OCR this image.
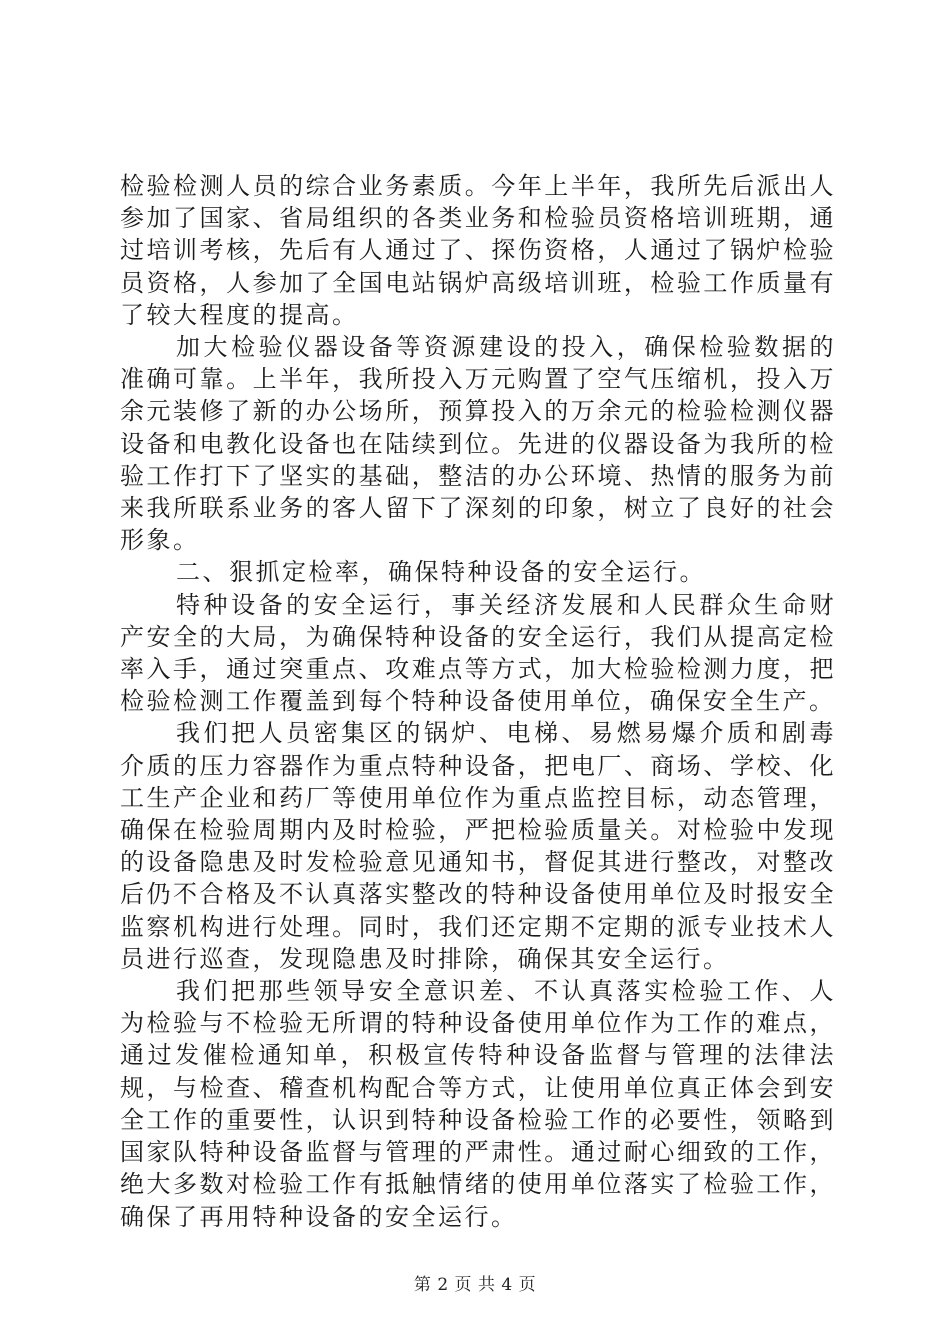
检验检测人员的综合业务素质。今年上半年，我所先后派出人参加了国家、省局组织的各类业务和检验员资格培训班期，通过培训考核，先后有人通过了、探伤资格，人通过了锅炉检验员资格，人参加了全国电站锅炉高级培训班，检验工作质量有了较大程度的提高。

加大检验仪器设备等资源建设的投入，确保检验数据的准确可靠。上半年，我所投入万元购置了空气压缩机，投入万余元装修了新的办公场所，预算投入的万余元的检验检测仪器设备和电教化设备也在陆续到位。先进的仪器设备为我所的检验工作打下了坚实的基础，整洁的办公环境、热情的服务为前来我所联系业务的客人留下了深刻的印象，树立了良好的社会形象。

二、狠抓定检率，确保特种设备的安全运行。

特种设备的安全运行，事关经济发展和人民群众生命财产安全的大局，为确保特种设备的安全运行，我们从提高定检率入手，通过突重点、攻难点等方式，加大检验检测力度，把检验检测工作覆盖到每个特种设备使用单位，确保安全生产。

我们把人员密集区的锅炉、电梯、易燃易爆介质和剧毒介质的压力容器作为重点特种设备，把电厂、商场、学校、化工生产企业和药厂等使用单位作为重点监控目标，动态管理，确保在检验周期内及时检验，严把检验质量关。对检验中发现的设备隐患及时发检验意见通知书，督促其进行整改，对整改后仍不合格及不认真落实整改的特种设备使用单位及时报安全监察机构进行处理。同时，我们还定期不定期的派专业技术人员进行巡查，发现隐患及时排除，确保其安全运行。

我们把那些领导安全意识差、不认真落实检验工作、人为检验与不检验无所谓的特种设备使用单位作为工作的难点，通过发催检通知单，积极宣传特种设备监督与管理的法律法规，与检查、稽查机构配合等方式，让使用单位真正体会到安全工作的重要性，认识到特种设备检验工作的必要性，领略到国家队特种设备监督与管理的严肃性。通过耐心细致的工作，绝大多数对检验工作有抵触情绪的使用单位落实了检验工作，确保了再用特种设备的安全运行。

第 2 页 共 4 页
